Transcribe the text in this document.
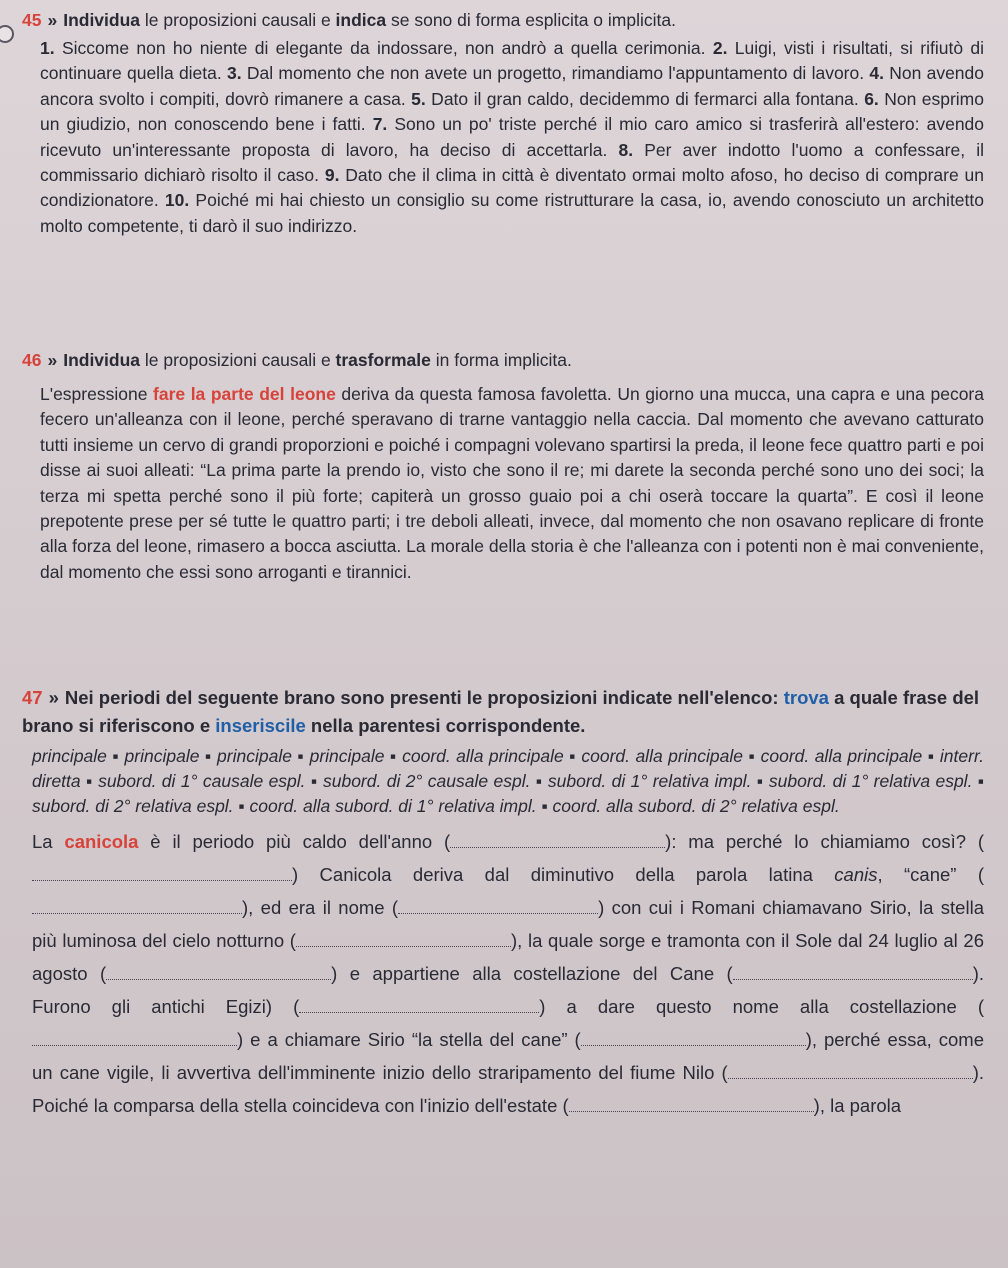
45 » Individua le proposizioni causali e indica se sono di forma esplicita o implicita.
1. Siccome non ho niente di elegante da indossare, non andrò a quella cerimonia. 2. Luigi, visti i risultati, si rifiutò di continuare quella dieta. 3. Dal momento che non avete un progetto, rimandiamo l'appuntamento di lavoro. 4. Non avendo ancora svolto i compiti, dovrò rimanere a casa. 5. Dato il gran caldo, decidemmo di fermarci alla fontana. 6. Non esprimo un giudizio, non conoscendo bene i fatti. 7. Sono un po' triste perché il mio caro amico si trasferirà all'estero: avendo ricevuto un'interessante proposta di lavoro, ha deciso di accettarla. 8. Per aver indotto l'uomo a confessare, il commissario dichiarò risolto il caso. 9. Dato che il clima in città è diventato ormai molto afoso, ho deciso di comprare un condizionatore. 10. Poiché mi hai chiesto un consiglio su come ristrutturare la casa, io, avendo conosciuto un architetto molto competente, ti darò il suo indirizzo.
46 » Individua le proposizioni causali e trasformale in forma implicita.
L'espressione fare la parte del leone deriva da questa famosa favoletta. Un giorno una mucca, una capra e una pecora fecero un'alleanza con il leone, perché speravano di trarne vantaggio nella caccia. Dal momento che avevano catturato tutti insieme un cervo di grandi proporzioni e poiché i compagni volevano spartirsi la preda, il leone fece quattro parti e poi disse ai suoi alleati: “La prima parte la prendo io, visto che sono il re; mi darete la seconda perché sono uno dei soci; la terza mi spetta perché sono il più forte; capiterà un grosso guaio poi a chi oserà toccare la quarta”. E così il leone prepotente prese per sé tutte le quattro parti; i tre deboli alleati, invece, dal momento che non osavano replicare di fronte alla forza del leone, rimasero a bocca asciutta. La morale della storia è che l'alleanza con i potenti non è mai conveniente, dal momento che essi sono arroganti e tirannici.
47 » Nei periodi del seguente brano sono presenti le proposizioni indicate nell'elenco: trova a quale frase del brano si riferiscono e inseriscile nella parentesi corrispondente.
principale ▪ principale ▪ principale ▪ principale ▪ coord. alla principale ▪ coord. alla principale ▪ coord. alla principale ▪ interr. diretta ▪ subord. di 1° causale espl. ▪ subord. di 2° causale espl. ▪ subord. di 1° relativa impl. ▪ subord. di 1° relativa espl. ▪ subord. di 2° relativa espl. ▪ coord. alla subord. di 1° relativa impl. ▪ coord. alla subord. di 2° relativa espl.
La canicola è il periodo più caldo dell'anno (	): ma perché lo chiamiamo così? () Canicola deriva dal diminutivo della parola latina canis, “cane” (), ed era il nome (	) con cui i Romani chiamavano Sirio, la stella più luminosa del cielo notturno (	), la quale sorge e tramonta con il Sole dal 24 luglio al 26 agosto (	) e appartiene alla costellazione del Cane (	). Furono gli antichi Egizi) (	) a dare questo nome alla costellazione () e a chiamare Sirio “la stella del cane” (	), perché essa, come un cane vigile, li avvertiva dell'imminente inizio dello straripamento del fiume Nilo (	). Poiché la comparsa della stella coincideva con l'inizio dell'estate (	), la parola
